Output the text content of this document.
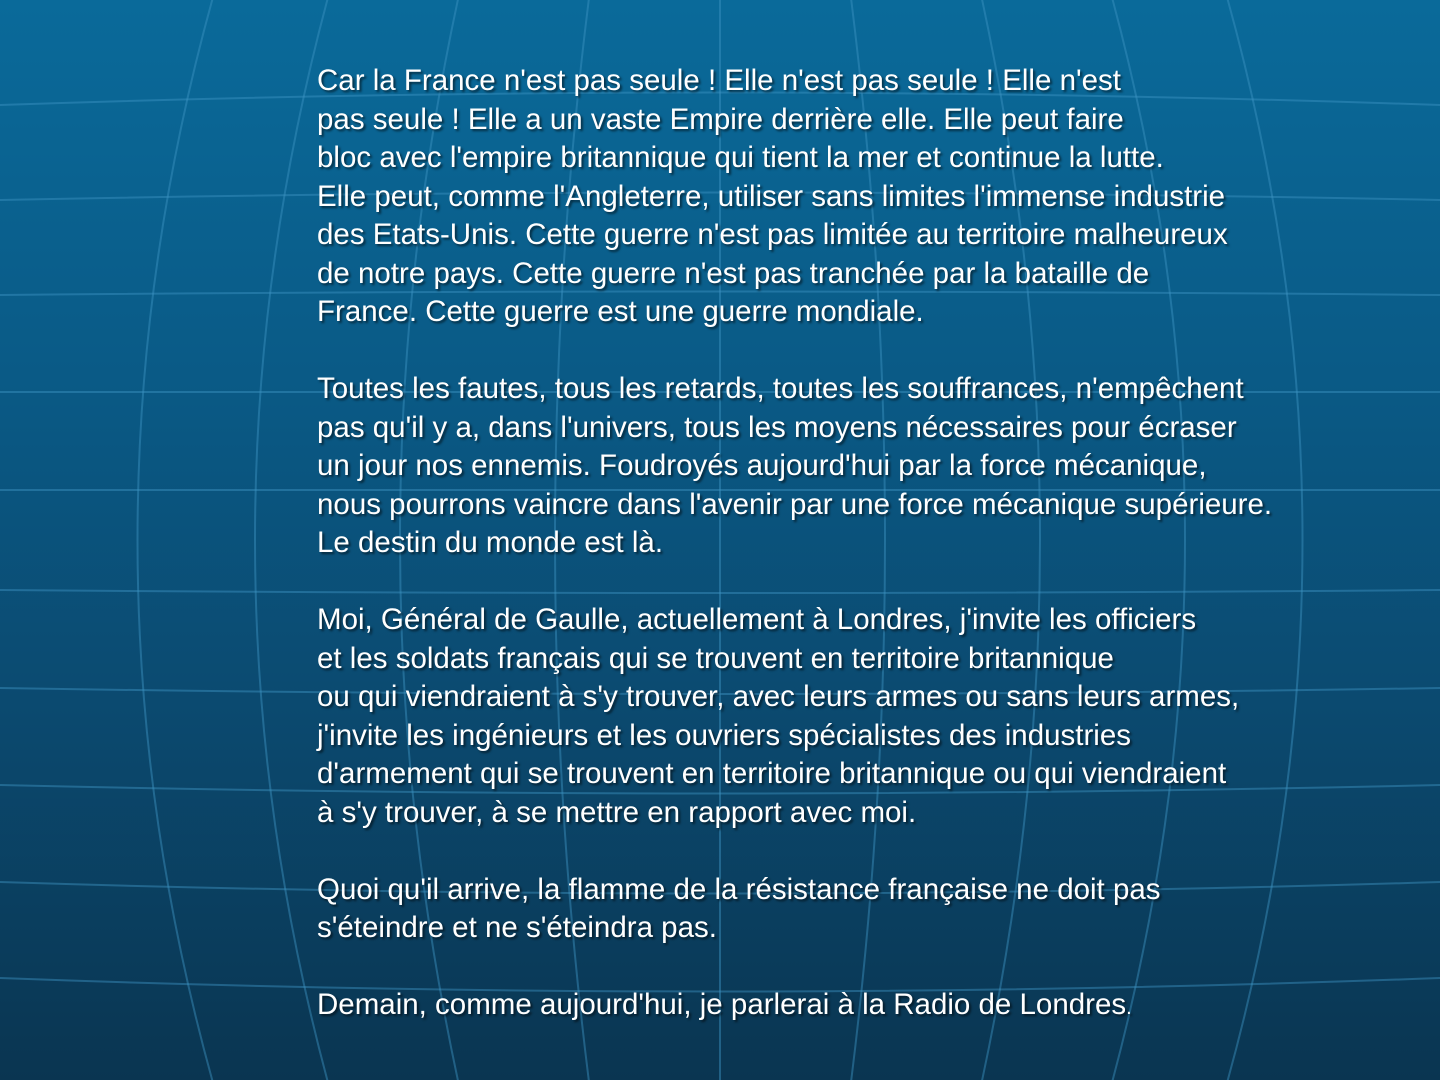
Car la France n'est pas seule ! Elle n'est pas seule ! Elle n'est
pas seule ! Elle a un vaste Empire derrière elle. Elle peut faire
bloc avec l'empire britannique qui tient la mer et continue la lutte.
Elle peut, comme l'Angleterre, utiliser sans limites l'immense industrie
des Etats-Unis. Cette guerre n'est pas limitée au territoire malheureux
de notre pays. Cette guerre n'est pas tranchée par la bataille de
France. Cette guerre est une guerre mondiale.

Toutes les fautes, tous les retards, toutes les souffrances, n'empêchent
pas qu'il y a, dans l'univers, tous les moyens nécessaires pour écraser
un jour nos ennemis. Foudroyés aujourd'hui par la force mécanique,
nous pourrons vaincre dans l'avenir par une force mécanique supérieure.
Le destin du monde est là.

Moi, Général de Gaulle, actuellement à Londres, j'invite les officiers
et les soldats français qui se trouvent en territoire britannique
ou qui viendraient à s'y trouver, avec leurs armes ou sans leurs armes,
j'invite les ingénieurs et les ouvriers spécialistes des industries
d'armement qui se trouvent en territoire britannique ou qui viendraient
à s'y trouver, à se mettre en rapport avec moi.

Quoi qu'il arrive, la flamme de la résistance française ne doit pas
s'éteindre et ne s'éteindra pas.

Demain, comme aujourd'hui, je parlerai à la Radio de Londres.
